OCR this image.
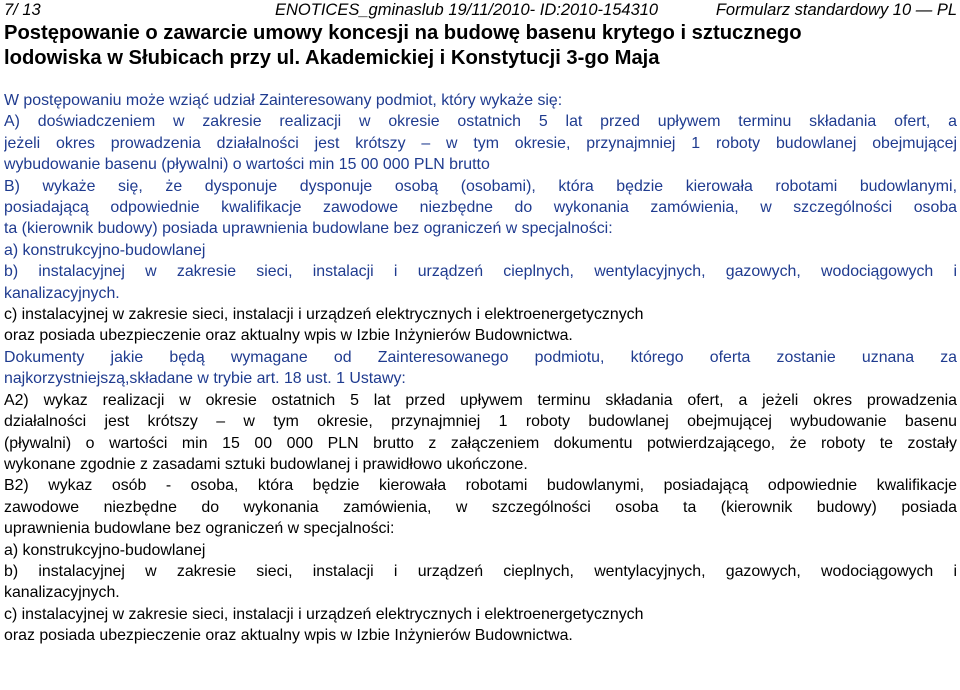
7/ 13	ENOTICES_gminaslub 19/11/2010- ID:2010-154310	Formularz standardowy 10 — PL
Postępowanie o zawarcie umowy koncesji na budowę basenu krytego i sztucznego
lodowiska w Słubicach przy ul. Akademickiej i Konstytucji 3-go Maja
W postępowaniu może wziąć udział Zainteresowany podmiot, który wykaże się:
A) doświadczeniem w zakresie realizacji w okresie ostatnich 5 lat przed upływem terminu składania ofert, a
jeżeli okres prowadzenia działalności jest krótszy – w tym okresie, przynajmniej 1 roboty budowlanej obejmującej
wybudowanie basenu (pływalni) o wartości min 15 00 000 PLN brutto
B) wykaże się, że dysponuje dysponuje osobą (osobami), która będzie kierowała robotami budowlanymi,
posiadającą odpowiednie kwalifikacje zawodowe niezbędne do wykonania zamówienia, w szczególności osoba
ta (kierownik budowy) posiada uprawnienia budowlane bez ograniczeń w specjalności:
a) konstrukcyjno-budowlanej
b) instalacyjnej w zakresie sieci, instalacji i urządzeń cieplnych, wentylacyjnych, gazowych, wodociągowych i
kanalizacyjnych.
c) instalacyjnej w zakresie sieci, instalacji i urządzeń elektrycznych i elektroenergetycznych
oraz posiada ubezpieczenie oraz aktualny wpis w Izbie Inżynierów Budownictwa.
Dokumenty jakie będą wymagane od Zainteresowanego podmiotu, którego oferta zostanie uznana za
najkorzystniejszą,składane w trybie art. 18 ust. 1 Ustawy:
A2) wykaz realizacji w okresie ostatnich 5 lat przed upływem terminu składania ofert, a jeżeli okres prowadzenia
działalności jest krótszy – w tym okresie, przynajmniej 1 roboty budowlanej obejmującej wybudowanie basenu
(pływalni) o wartości min 15 00 000 PLN brutto z załączeniem dokumentu potwierdzającego, że roboty te zostały
wykonane zgodnie z zasadami sztuki budowlanej i prawidłowo ukończone.
B2) wykaz osób - osoba, która będzie kierowała robotami budowlanymi, posiadającą odpowiednie kwalifikacje
zawodowe niezbędne do wykonania zamówienia, w szczególności osoba ta (kierownik budowy) posiada
uprawnienia budowlane bez ograniczeń w specjalności:
a) konstrukcyjno-budowlanej
b) instalacyjnej w zakresie sieci, instalacji i urządzeń cieplnych, wentylacyjnych, gazowych, wodociągowych i
kanalizacyjnych.
c) instalacyjnej w zakresie sieci, instalacji i urządzeń elektrycznych i elektroenergetycznych
oraz posiada ubezpieczenie oraz aktualny wpis w Izbie Inżynierów Budownictwa.
